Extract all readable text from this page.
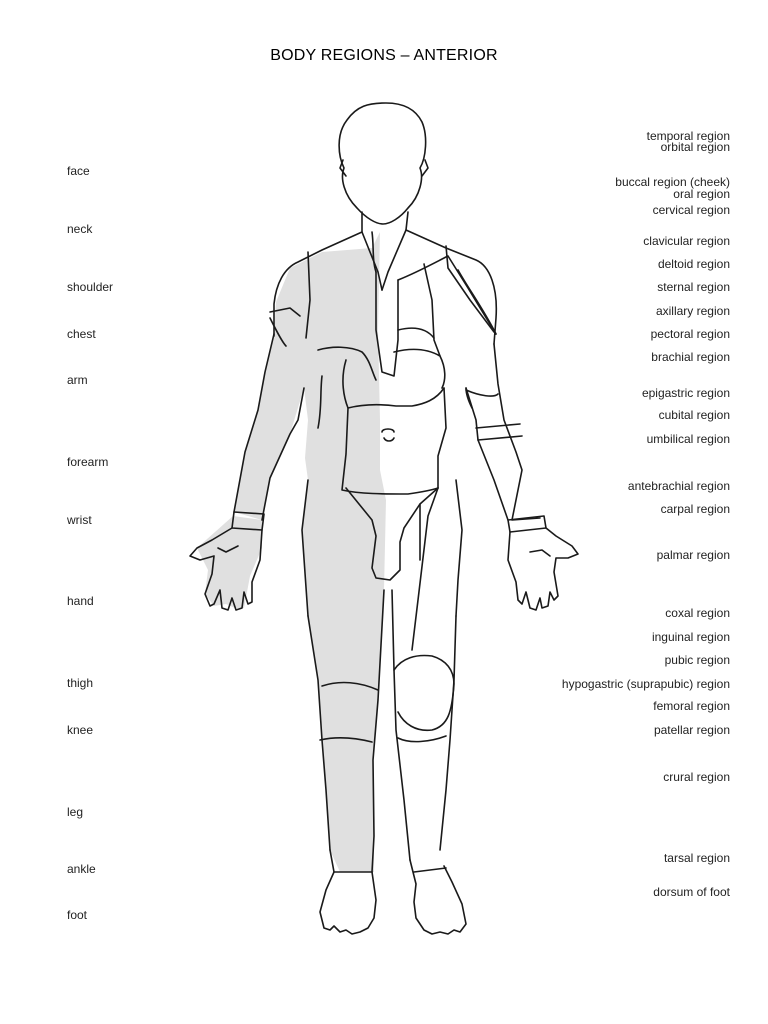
BODY REGIONS – ANTERIOR
face
neck
shoulder
chest
arm
forearm
wrist
hand
thigh
knee
leg
ankle
foot
temporal region
orbital region
buccal region (cheek)
oral region
cervical region
clavicular region
deltoid region
sternal region
axillary region
pectoral region
brachial region
epigastric region
cubital region
umbilical region
antebrachial region
carpal region
palmar region
coxal region
inguinal region
pubic region
hypogastric (suprapubic) region
femoral region
patellar region
crural region
tarsal region
dorsum of foot
